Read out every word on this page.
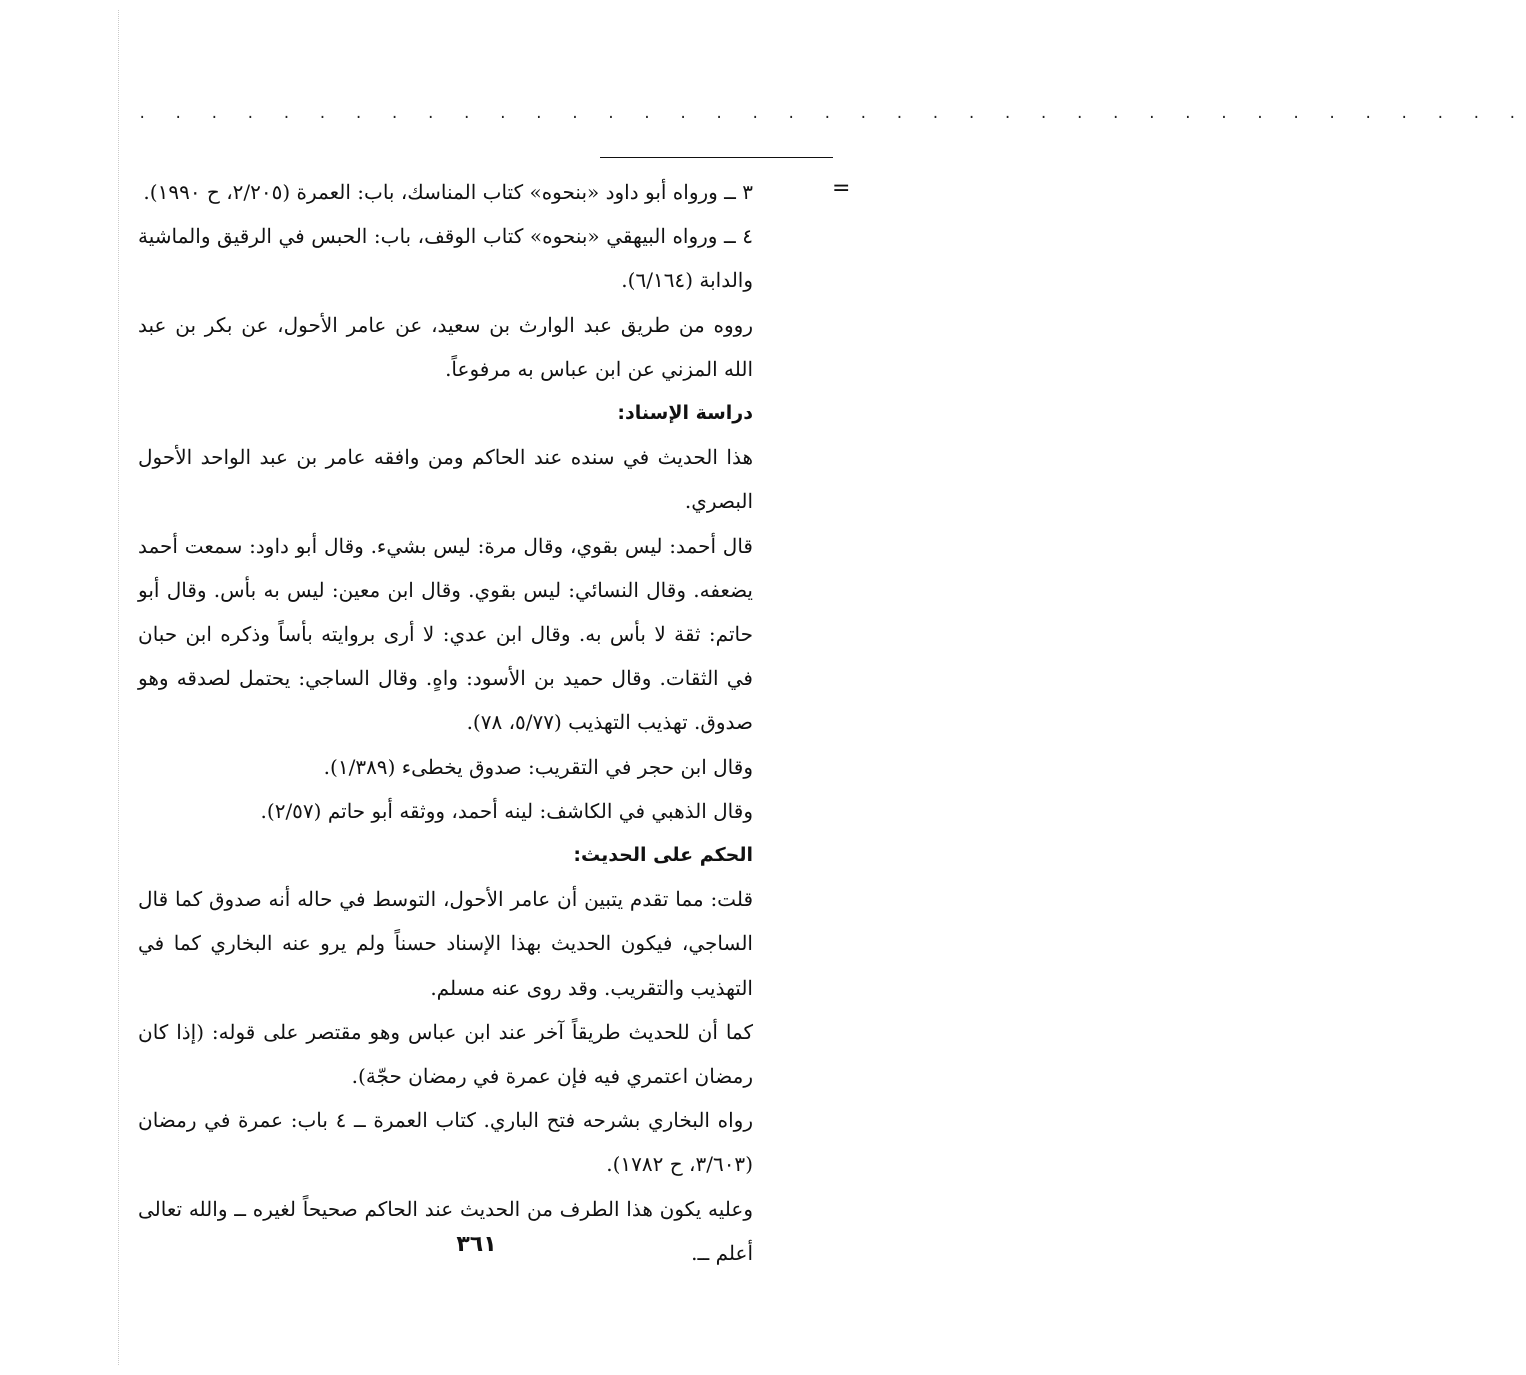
. . . . . . . . . . . . . . . . . . . . . . . . . . . . . . . . . . . . . . .
=

٣ ــ ورواه أبو داود «بنحوه» كتاب المناسك، باب: العمرة (٢/٢٠٥، ح ١٩٩٠).

٤ ــ ورواه البيهقي «بنحوه» كتاب الوقف، باب: الحبس في الرقيق والماشية والدابة (٦/١٦٤).

رووه من طريق عبد الوارث بن سعيد، عن عامر الأحول، عن بكر بن عبد الله المزني عن ابن عباس به مرفوعاً.

دراسة الإسناد:

هذا الحديث في سنده عند الحاكم ومن وافقه عامر بن عبد الواحد الأحول البصري.

قال أحمد: ليس بقوي، وقال مرة: ليس بشيء. وقال أبو داود: سمعت أحمد يضعفه. وقال النسائي: ليس بقوي. وقال ابن معين: ليس به بأس. وقال أبو حاتم: ثقة لا بأس به. وقال ابن عدي: لا أرى بروايته بأساً وذكره ابن حبان في الثقات. وقال حميد بن الأسود: واهٍ. وقال الساجي: يحتمل لصدقه وهو صدوق. تهذيب التهذيب (٥/٧٧، ٧٨).

وقال ابن حجر في التقريب: صدوق يخطىء (١/٣٨٩).

وقال الذهبي في الكاشف: لينه أحمد، ووثقه أبو حاتم (٢/٥٧).

الحكم على الحديث:

قلت: مما تقدم يتبين أن عامر الأحول، التوسط في حاله أنه صدوق كما قال الساجي، فيكون الحديث بهذا الإسناد حسناً ولم يرو عنه البخاري كما في التهذيب والتقريب. وقد روى عنه مسلم.

كما أن للحديث طريقاً آخر عند ابن عباس وهو مقتصر على قوله: (إذا كان رمضان اعتمري فيه فإن عمرة في رمضان حجّة).

رواه البخاري بشرحه فتح الباري. كتاب العمرة ــ ٤ باب: عمرة في رمضان (٣/٦٠٣، ح ١٧٨٢).

وعليه يكون هذا الطرف من الحديث عند الحاكم صحيحاً لغيره ــ والله تعالى أعلم ــ.

٣٦١
